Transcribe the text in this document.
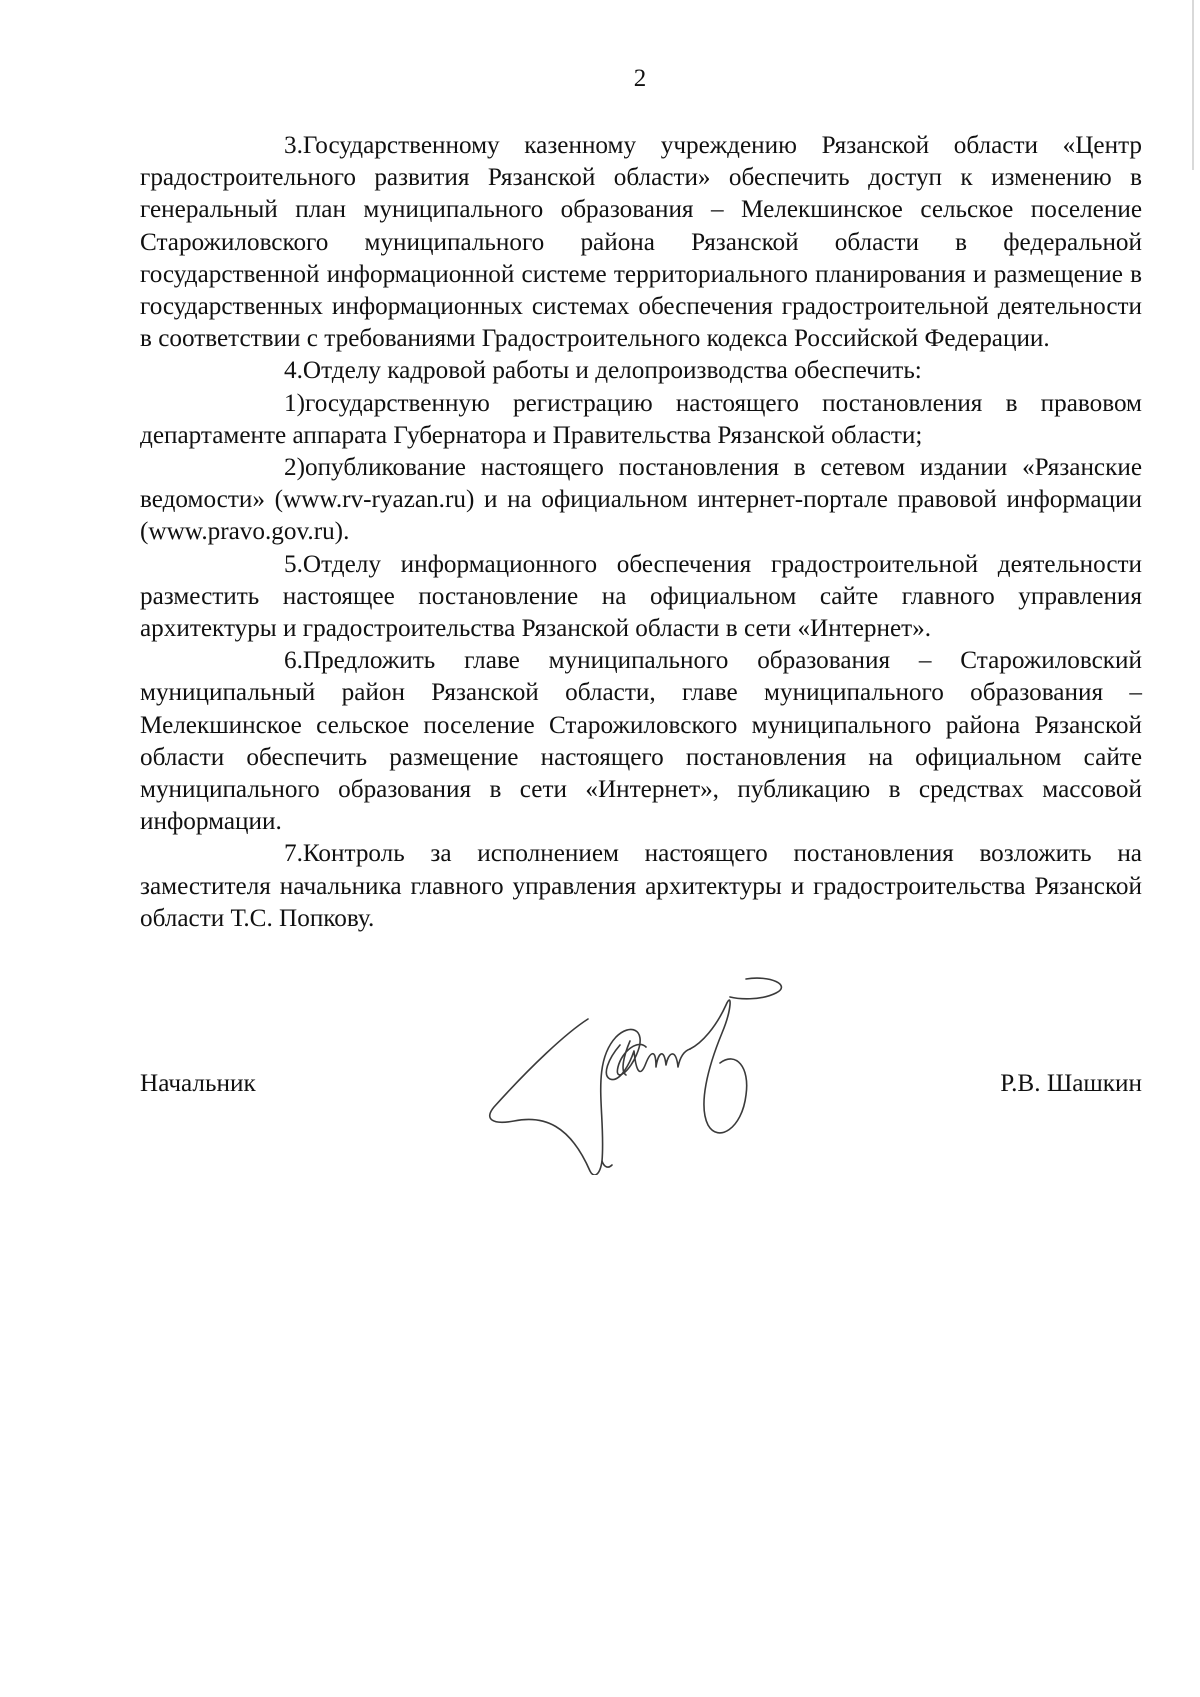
2

3.Государственному казенному учреждению Рязанской области «Центр градостроительного развития Рязанской области» обеспечить доступ к изменению в генеральный план муниципального образования – Мелекшинское сельское поселение Старожиловского муниципального района Рязанской области в федеральной государственной информационной системе территориального планирования и размещение в государственных информационных системах обеспечения градостроительной деятельности в соответствии с требованиями Градостроительного кодекса Российской Федерации.

4.Отделу кадровой работы и делопроизводства обеспечить:

1)государственную регистрацию настоящего постановления в правовом департаменте аппарата Губернатора и Правительства Рязанской области;

2)опубликование настоящего постановления в сетевом издании «Рязанские ведомости» (www.rv-ryazan.ru) и на официальном интернет-портале правовой информации (www.pravo.gov.ru).

5.Отделу информационного обеспечения градостроительной деятельности разместить настоящее постановление на официальном сайте главного управления архитектуры и градостроительства Рязанской области в сети «Интернет».

6.Предложить главе муниципального образования – Старожиловский муниципальный район Рязанской области, главе муниципального образования – Мелекшинское сельское поселение Старожиловского муниципального района Рязанской области обеспечить размещение настоящего постановления на официальном сайте муниципального образования в сети «Интернет», публикацию в средствах массовой информации.

7.Контроль за исполнением настоящего постановления возложить на заместителя начальника главного управления архитектуры и градостроительства Рязанской области Т.С. Попкову.

Начальник	Р.В. Шашкин
